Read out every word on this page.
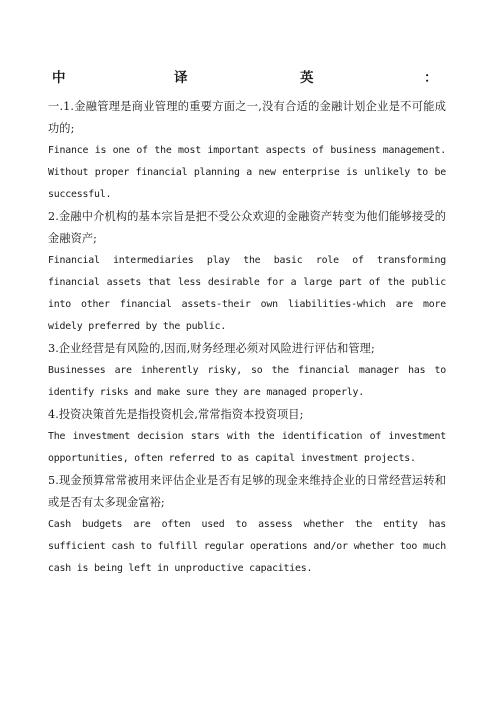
中	译	英	：

一.1.金融管理是商业管理的重要方面之一,没有合适的金融计划企业是不可能成功的;

Finance is one of the most important aspects of business management. Without proper financial planning a new enterprise is unlikely to be successful.

2.金融中介机构的基本宗旨是把不受公众欢迎的金融资产转变为他们能够接受的金融资产;

Financial intermediaries play the basic role of transforming financial assets that less desirable for a large part of the public into other financial assets-their own liabilities-which are more widely preferred by the public.

3.企业经营是有风险的,因而,财务经理必须对风险进行评估和管理;

Businesses are inherently risky, so the financial manager has to identify risks and make sure they are managed properly.

4.投资决策首先是指投资机会,常常指资本投资项目;

The investment decision stars with the identification of investment opportunities, often referred to as capital investment projects.

5.现金预算常常被用来评估企业是否有足够的现金来维持企业的日常经营运转和或是否有太多现金富裕;

Cash budgets are often used to assess whether the entity has sufficient cash to fulfill regular operations and/or whether too much cash is being left in unproductive capacities.
